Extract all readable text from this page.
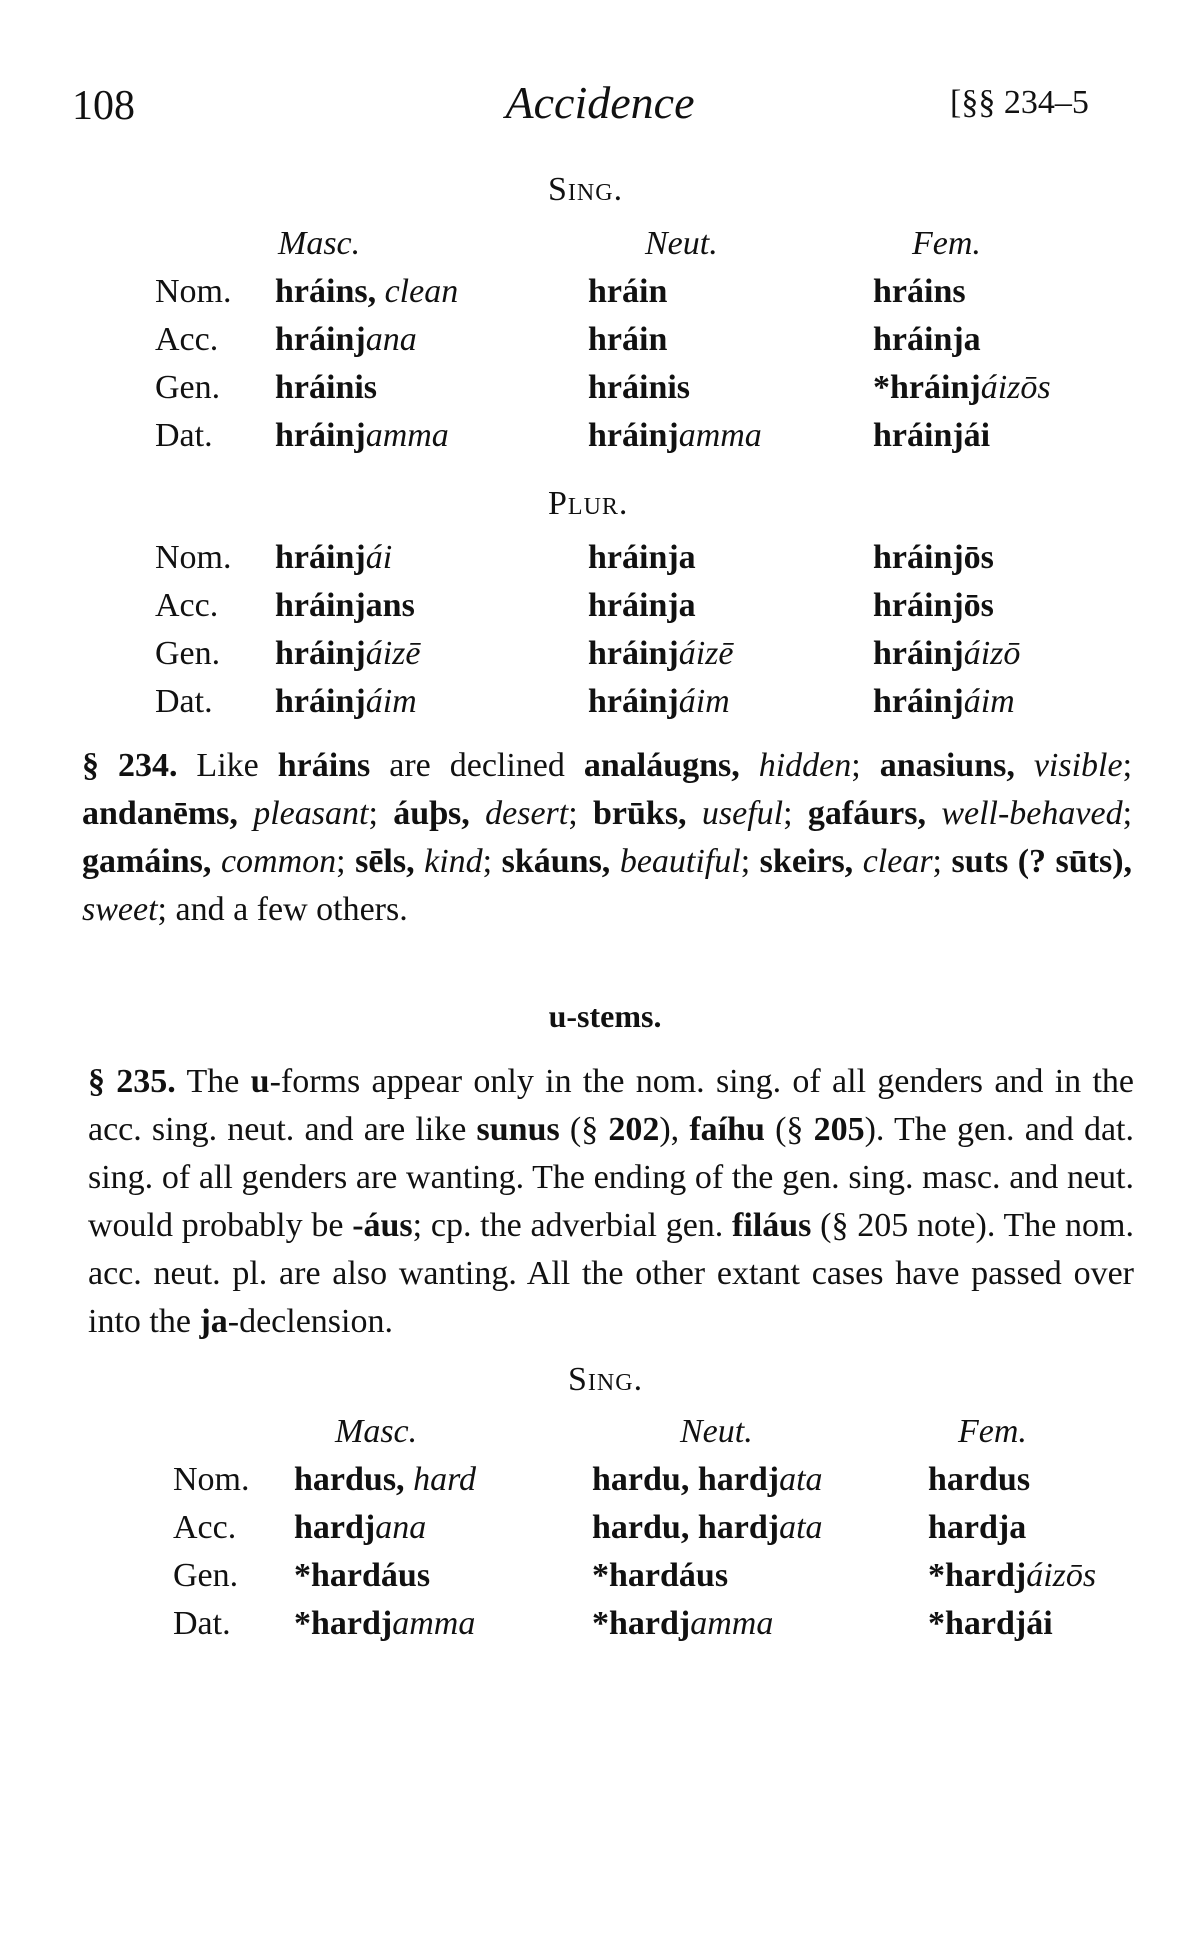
108	Accidence	[§§ 234–5
Sing.
Masc.	Neut.	Fem.
Nom.	hráins, clean	hráin	hráins
Acc.	hráinjana	hráin	hráinja
Gen.	hráinis	hráinis	*hráinjáizōs
Dat.	hráinjamma	hráinjamma	hráinjái
Plur.
Nom.	hráinjái	hráinja	hráinjōs
Acc.	hráinjans	hráinja	hráinjōs
Gen.	hráinjáizē	hráinjáizē	hráinjáizō
Dat.	hráinjáim	hráinjáim	hráinjáim
§ 234. Like hráins are declined analáugns, hidden; anasiuns, visible; andanēms, pleasant; áuþs, desert; brūks, useful; gafáurs, well-behaved; gamáins, common; sēls, kind; skáuns, beautiful; skeirs, clear; suts (? sūts), sweet; and a few others.
u-stems.
§ 235. The u-forms appear only in the nom. sing. of all genders and in the acc. sing. neut. and are like sunus (§ 202), faíhu (§ 205). The gen. and dat. sing. of all genders are wanting. The ending of the gen. sing. masc. and neut. would probably be -áus; cp. the adverbial gen. filáus (§ 205 note). The nom. acc. neut. pl. are also wanting. All the other extant cases have passed over into the ja-declension.
Sing.
Masc.	Neut.	Fem.
Nom.	hardus, hard	hardu, hardjata	hardus
Acc.	hardjana	hardu, hardjata	hardja
Gen.	*hardáus	*hardáus	*hardjáizōs
Dat.	*hardjamma	*hardjamma	*hardjái
